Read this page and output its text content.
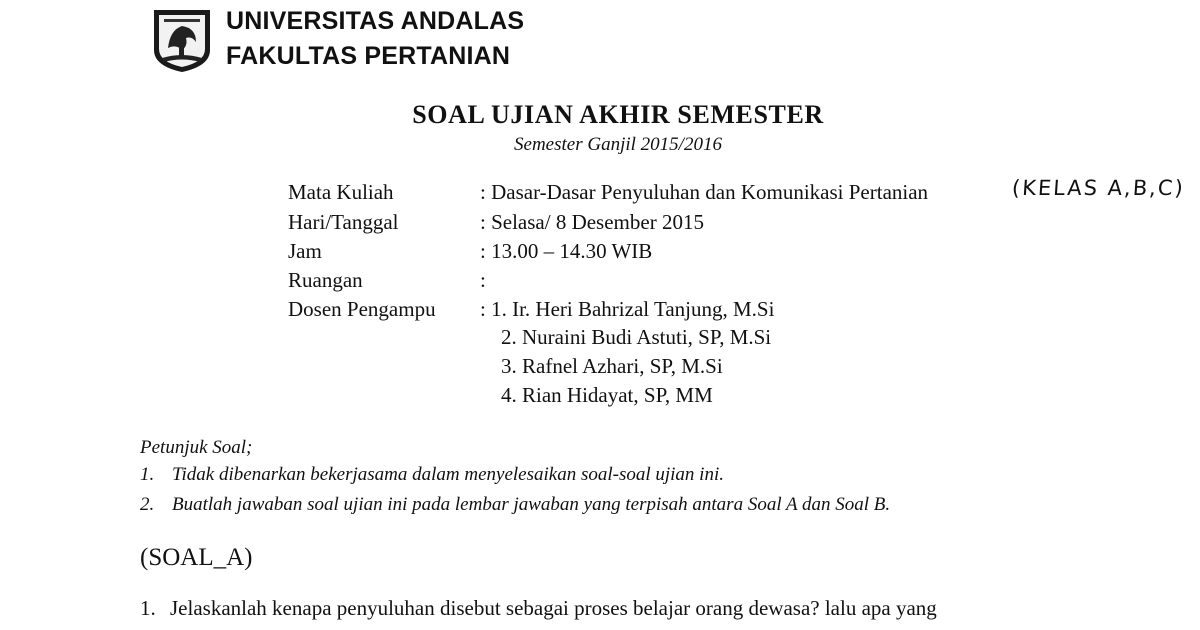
UNIVERSITAS ANDALAS
FAKULTAS PERTANIAN
SOAL UJIAN AKHIR SEMESTER
Semester Ganjil 2015/2016
Mata Kuliah	: Dasar-Dasar Penyuluhan dan Komunikasi Pertanian	(KELAS A,B,C)
Hari/Tanggal	: Selasa/ 8 Desember 2015
Jam	: 13.00 – 14.30 WIB
Ruangan	:
Dosen Pengampu : 1. Ir. Heri Bahrizal Tanjung, M.Si
2. Nuraini Budi Astuti, SP, M.Si
3. Rafnel Azhari, SP, M.Si
4. Rian Hidayat, SP, MM
Petunjuk Soal;
1. Tidak dibenarkan bekerjasama dalam menyelesaikan soal-soal ujian ini.
2. Buatlah jawaban soal ujian ini pada lembar jawaban yang terpisah antara Soal A dan Soal B.
(SOAL_A)
1. Jelaskanlah kenapa penyuluhan disebut sebagai proses belajar orang dewasa? lalu apa yang
